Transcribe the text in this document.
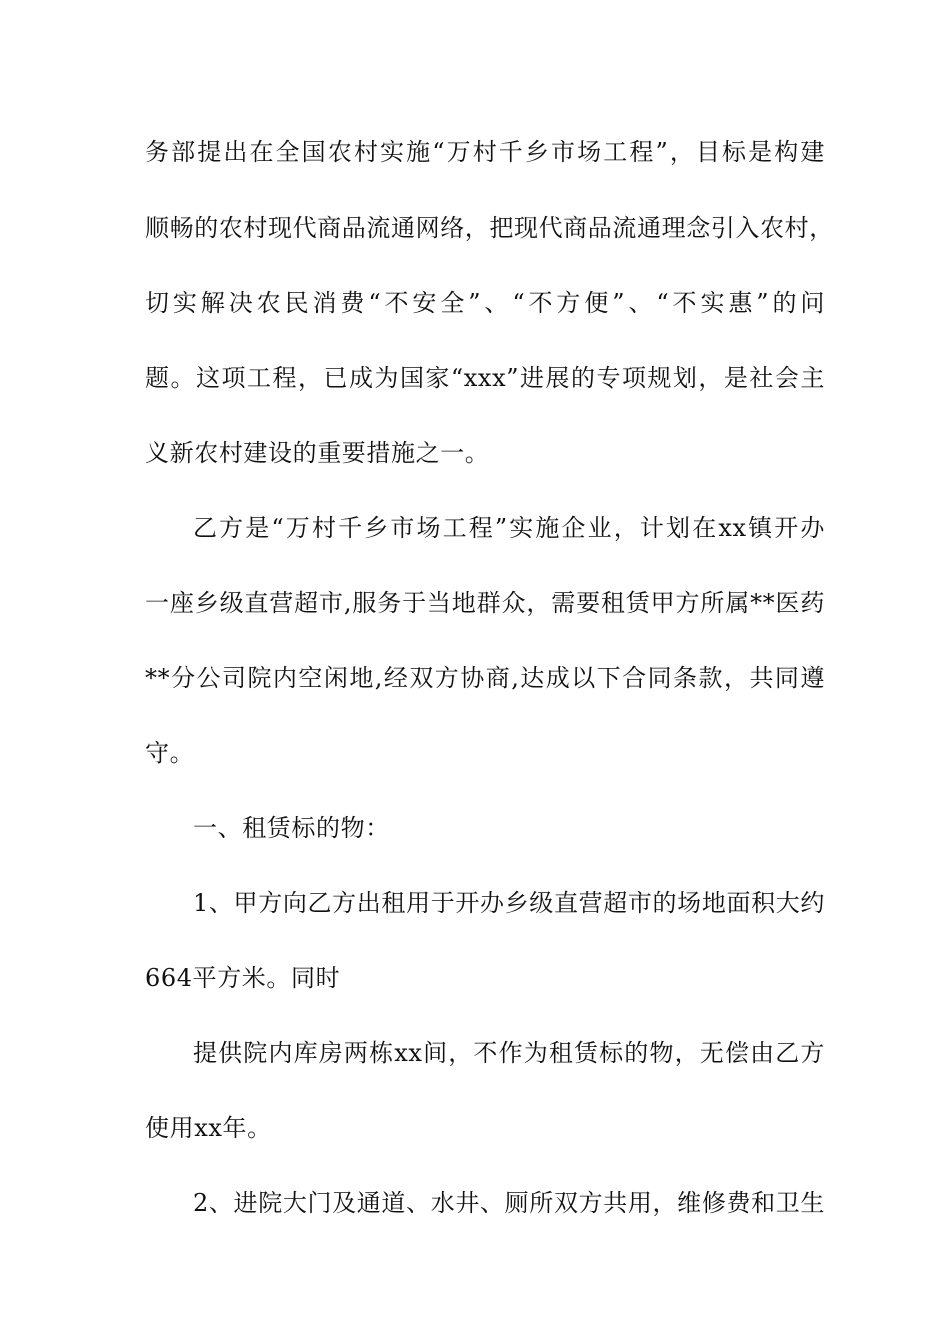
务部提出在全国农村实施“万村千乡市场工程”，目标是构建
顺畅的农村现代商品流通网络，把现代商品流通理念引入农村，
切实解决农民消费“不安全”、“不方便”、“不实惠”的问
题。这项工程，已成为国家“xxx”进展的专项规划，是社会主
义新农村建设的重要措施之一。
乙方是“万村千乡市场工程”实施企业，计划在xx镇开办
一座乡级直营超市,服务于当地群众，需要租赁甲方所属**医药
**分公司院内空闲地,经双方协商,达成以下合同条款，共同遵
守。
一、租赁标的物：
1、甲方向乙方出租用于开办乡级直营超市的场地面积大约
664平方米。同时
提供院内库房两栋xx间，不作为租赁标的物，无偿由乙方
使用xx年。
2、进院大门及通道、水井、厕所双方共用，维修费和卫生
